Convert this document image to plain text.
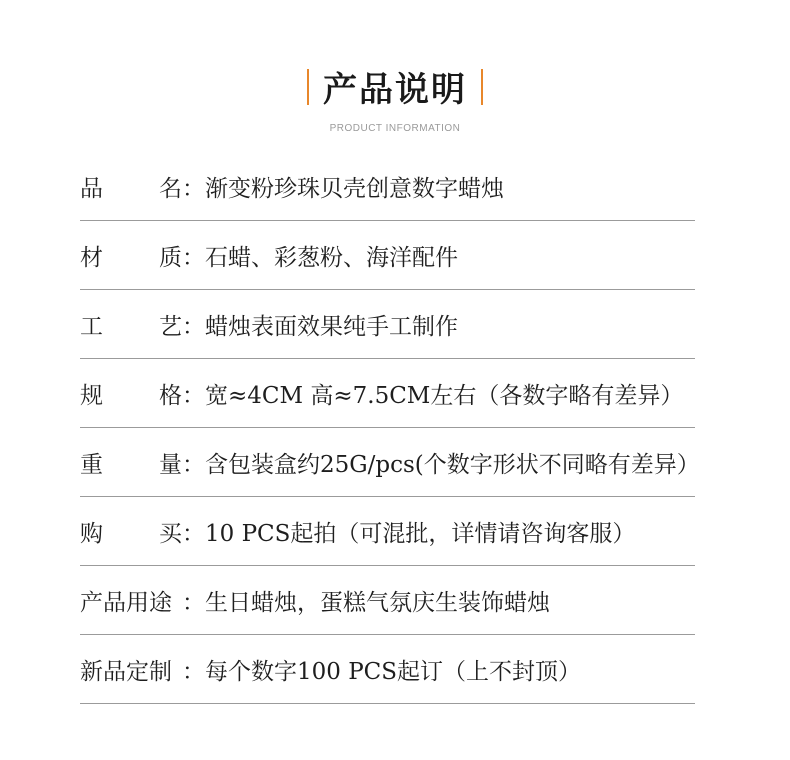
产品说明
PRODUCT INFORMATION
品 名 ： 渐变粉珍珠贝壳创意数字蜡烛
材 质 ： 石蜡、彩葱粉、海洋配件
工 艺 ： 蜡烛表面效果纯手工制作
规 格 ： 宽≈4CM 高≈7.5CM左右（各数字略有差异）
重 量 ： 含包装盒约25G/pcs(个数字形状不同略有差异）
购 买 ： 10 PCS起拍（可混批，详情请咨询客服）
产品用途 ： 生日蜡烛，蛋糕气氛庆生装饰蜡烛
新品定制 ： 每个数字100 PCS起订（上不封顶）
